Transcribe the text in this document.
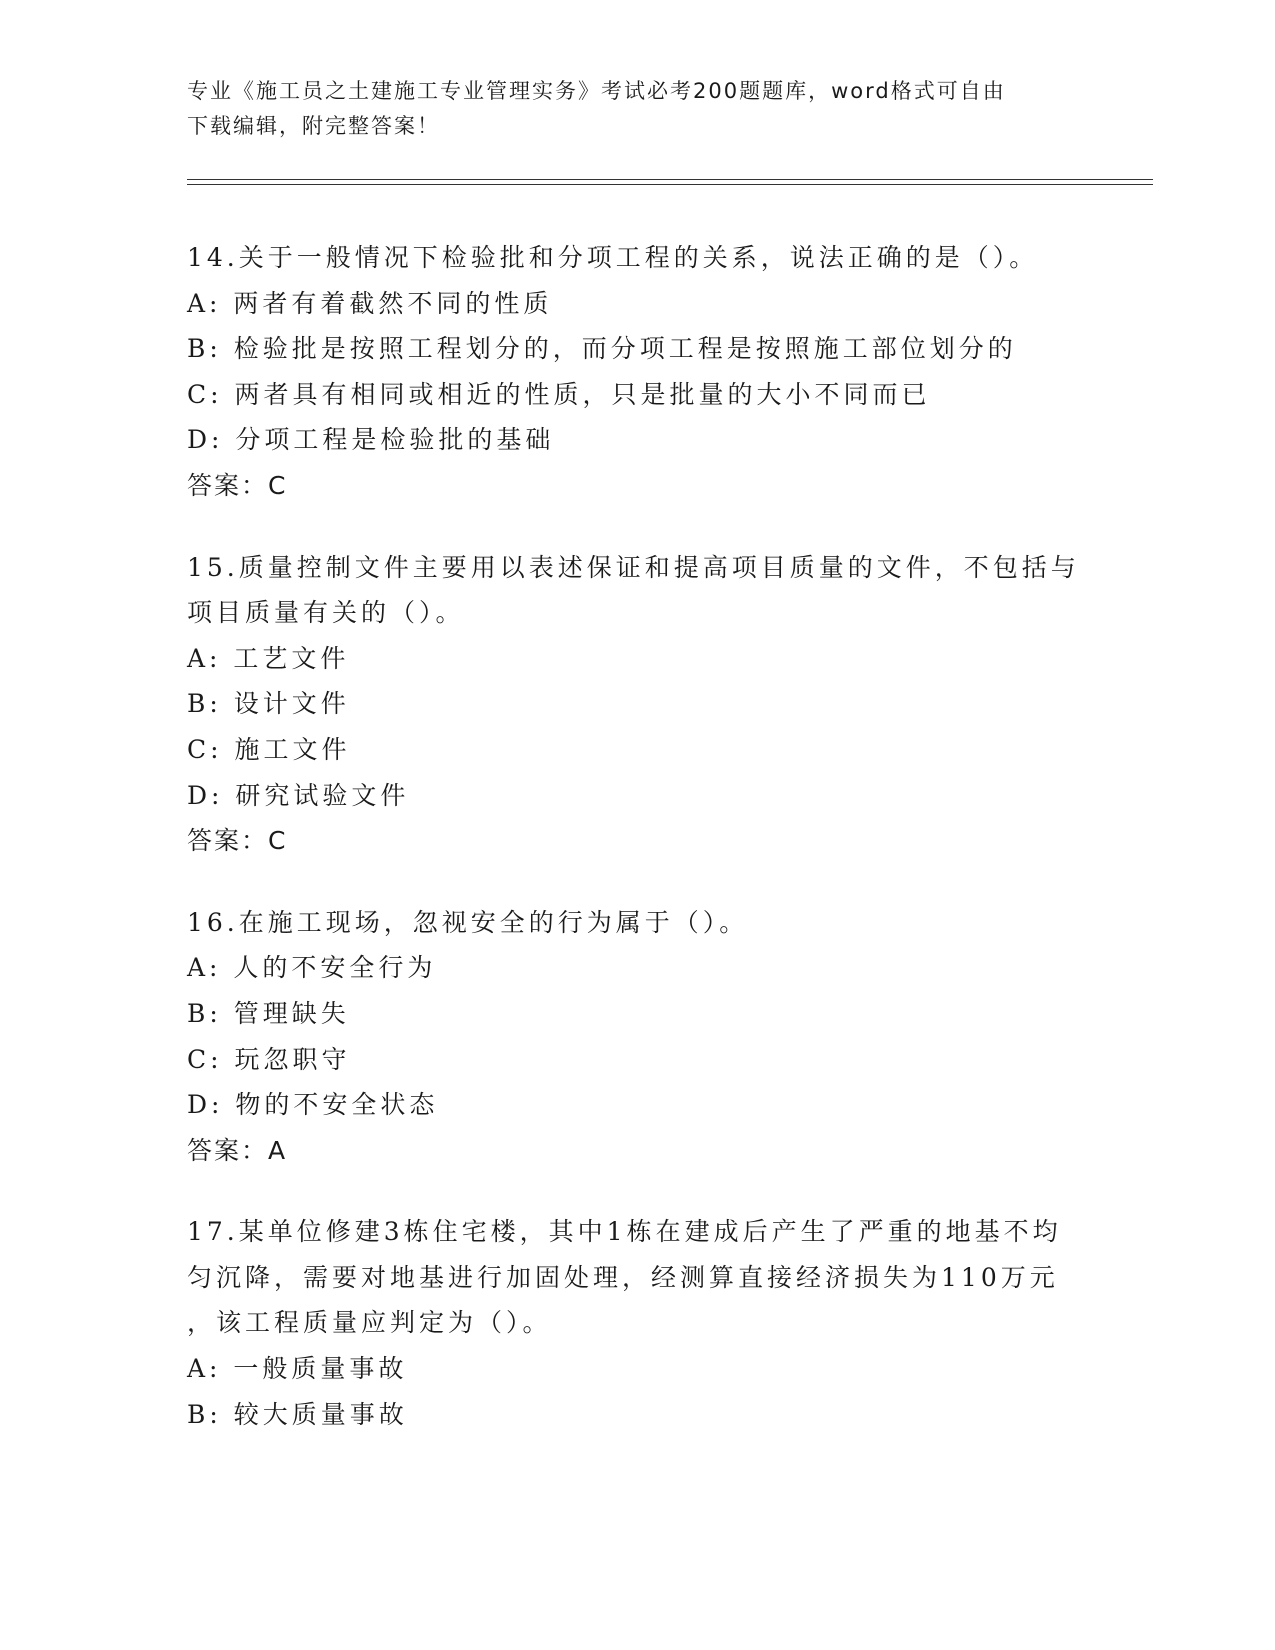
专业《施工员之土建施工专业管理实务》考试必考200题题库，word格式可自由
下载编辑，附完整答案！
14.关于一般情况下检验批和分项工程的关系，说法正确的是（）。
A: 两者有着截然不同的性质
B: 检验批是按照工程划分的，而分项工程是按照施工部位划分的
C: 两者具有相同或相近的性质，只是批量的大小不同而已
D: 分项工程是检验批的基础
答案：C
15.质量控制文件主要用以表述保证和提高项目质量的文件，不包括与
项目质量有关的（）。
A: 工艺文件
B: 设计文件
C: 施工文件
D: 研究试验文件
答案：C
16.在施工现场，忽视安全的行为属于（）。
A: 人的不安全行为
B: 管理缺失
C: 玩忽职守
D: 物的不安全状态
答案：A
17.某单位修建3栋住宅楼，其中1栋在建成后产生了严重的地基不均
匀沉降，需要对地基进行加固处理，经测算直接经济损失为110万元
，该工程质量应判定为（）。
A: 一般质量事故
B: 较大质量事故
